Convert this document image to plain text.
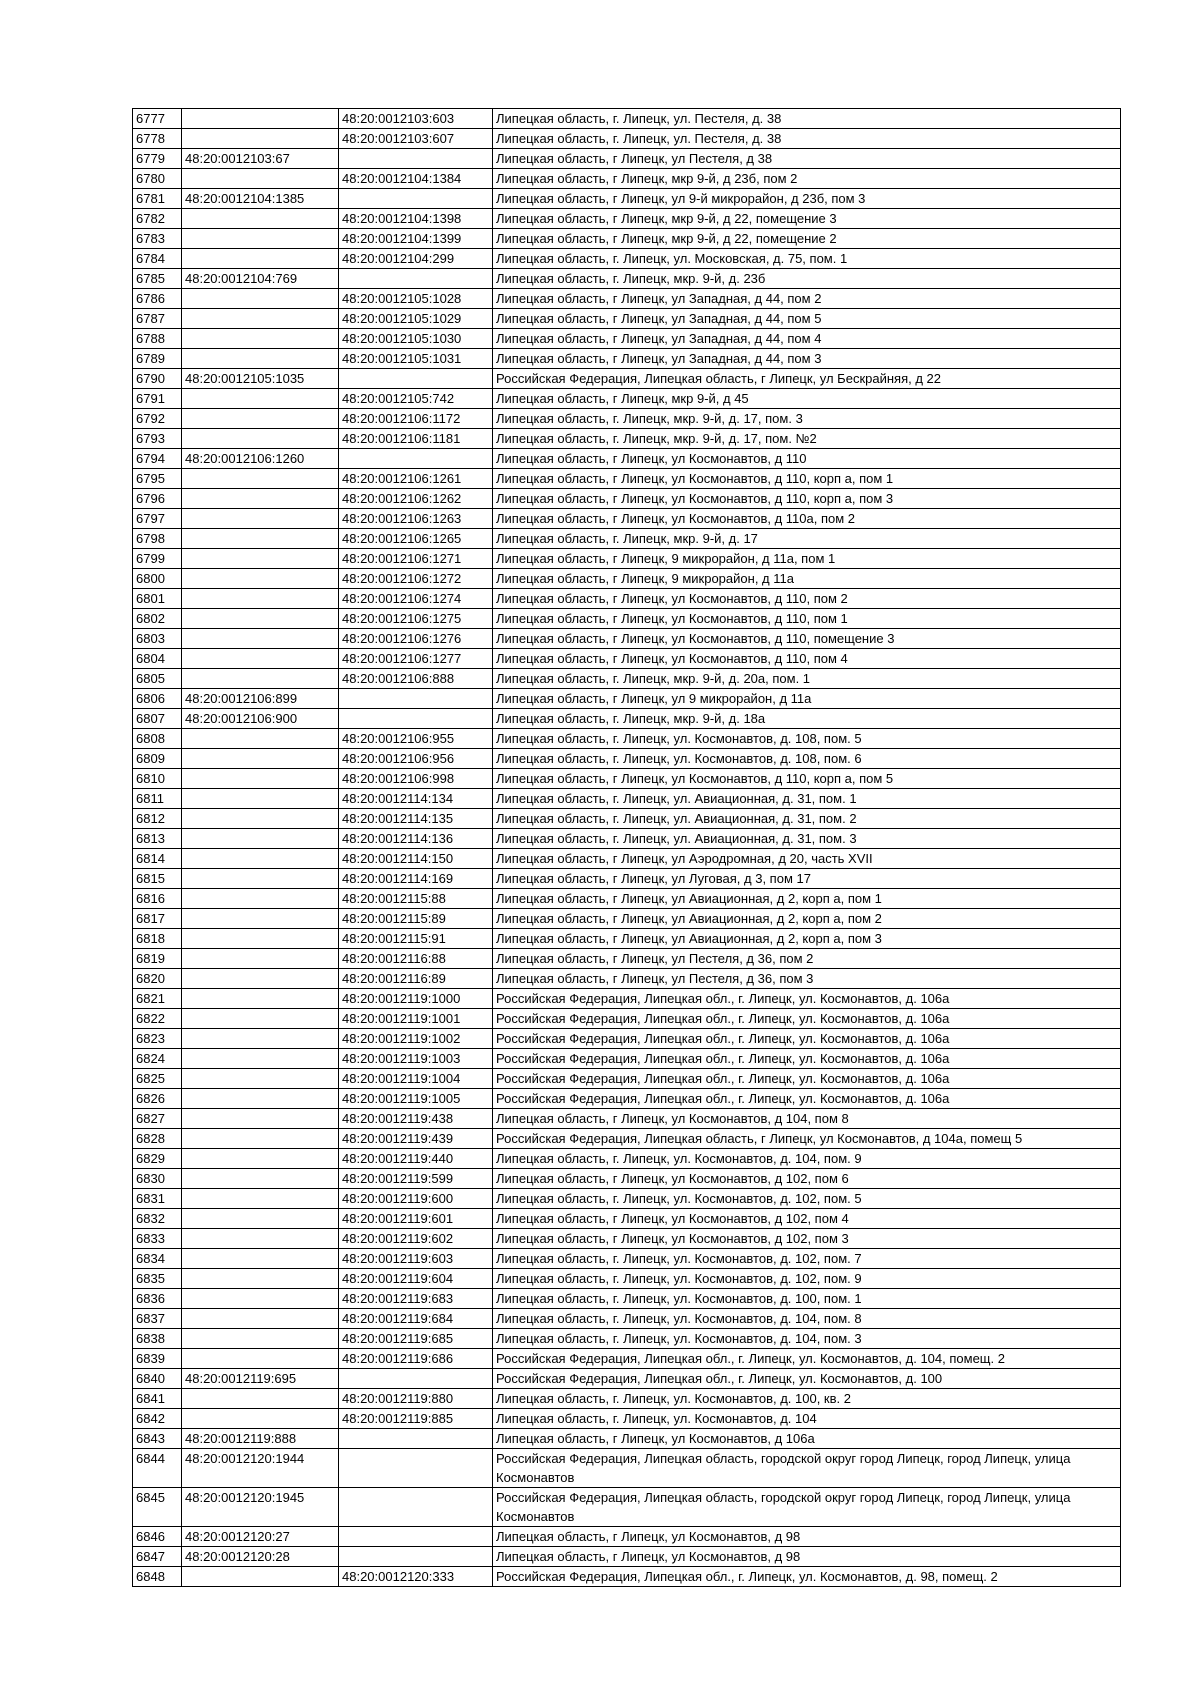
6777		48:20:0012103:603	Липецкая область, г. Липецк, ул. Пестеля, д. 38
6778		48:20:0012103:607	Липецкая область, г. Липецк, ул. Пестеля, д. 38
6779	48:20:0012103:67		Липецкая область, г Липецк, ул Пестеля, д 38
6780		48:20:0012104:1384	Липецкая область, г Липецк, мкр 9-й, д 23б, пом 2
6781	48:20:0012104:1385		Липецкая область, г Липецк, ул 9-й микрорайон, д 23б, пом 3
6782		48:20:0012104:1398	Липецкая область, г Липецк, мкр 9-й, д 22, помещение 3
6783		48:20:0012104:1399	Липецкая область, г Липецк, мкр 9-й, д 22, помещение 2
6784		48:20:0012104:299	Липецкая область, г. Липецк, ул. Московская, д. 75, пом. 1
6785	48:20:0012104:769		Липецкая область, г. Липецк, мкр. 9-й, д. 23б
6786		48:20:0012105:1028	Липецкая область, г Липецк, ул Западная, д 44, пом 2
6787		48:20:0012105:1029	Липецкая область, г Липецк, ул Западная, д 44, пом 5
6788		48:20:0012105:1030	Липецкая область, г Липецк, ул Западная, д 44, пом 4
6789		48:20:0012105:1031	Липецкая область, г Липецк, ул Западная, д 44, пом 3
6790	48:20:0012105:1035		Российская Федерация, Липецкая область, г Липецк, ул Бескрайняя, д 22
6791		48:20:0012105:742	Липецкая область, г Липецк, мкр 9-й, д 45
6792		48:20:0012106:1172	Липецкая область, г. Липецк, мкр. 9-й, д. 17, пом. 3
6793		48:20:0012106:1181	Липецкая область, г. Липецк, мкр. 9-й, д. 17, пом. №2
6794	48:20:0012106:1260		Липецкая область, г Липецк, ул Космонавтов, д 110
6795		48:20:0012106:1261	Липецкая область, г Липецк, ул Космонавтов, д 110, корп а, пом 1
6796		48:20:0012106:1262	Липецкая область, г Липецк, ул Космонавтов, д 110, корп а, пом 3
6797		48:20:0012106:1263	Липецкая область, г Липецк, ул Космонавтов, д 110а, пом 2
6798		48:20:0012106:1265	Липецкая область, г. Липецк, мкр. 9-й, д. 17
6799		48:20:0012106:1271	Липецкая область, г Липецк, 9 микрорайон, д 11а, пом 1
6800		48:20:0012106:1272	Липецкая область, г Липецк, 9 микрорайон, д 11а
6801		48:20:0012106:1274	Липецкая область, г Липецк, ул Космонавтов, д 110, пом 2
6802		48:20:0012106:1275	Липецкая область, г Липецк, ул Космонавтов, д 110, пом 1
6803		48:20:0012106:1276	Липецкая область, г Липецк, ул Космонавтов, д 110, помещение 3
6804		48:20:0012106:1277	Липецкая область, г Липецк, ул Космонавтов, д 110, пом 4
6805		48:20:0012106:888	Липецкая область, г. Липецк, мкр. 9-й, д. 20а, пом. 1
6806	48:20:0012106:899		Липецкая область, г Липецк, ул 9 микрорайон, д 11а
6807	48:20:0012106:900		Липецкая область, г. Липецк, мкр. 9-й, д. 18а
6808		48:20:0012106:955	Липецкая область, г. Липецк, ул. Космонавтов, д. 108, пом. 5
6809		48:20:0012106:956	Липецкая область, г. Липецк, ул. Космонавтов, д. 108, пом. 6
6810		48:20:0012106:998	Липецкая область, г Липецк, ул Космонавтов, д 110, корп а, пом 5
6811		48:20:0012114:134	Липецкая область, г. Липецк, ул. Авиационная, д. 31, пом. 1
6812		48:20:0012114:135	Липецкая область, г. Липецк, ул. Авиационная, д. 31, пом. 2
6813		48:20:0012114:136	Липецкая область, г. Липецк, ул. Авиационная, д. 31, пом. 3
6814		48:20:0012114:150	Липецкая область, г Липецк, ул Аэродромная, д 20, часть XVII
6815		48:20:0012114:169	Липецкая область, г Липецк, ул Луговая, д 3, пом 17
6816		48:20:0012115:88	Липецкая область, г Липецк, ул Авиационная, д 2, корп а, пом 1
6817		48:20:0012115:89	Липецкая область, г Липецк, ул Авиационная, д 2, корп а, пом 2
6818		48:20:0012115:91	Липецкая область, г Липецк, ул Авиационная, д 2, корп а, пом 3
6819		48:20:0012116:88	Липецкая область, г Липецк, ул Пестеля, д 36, пом 2
6820		48:20:0012116:89	Липецкая область, г Липецк, ул Пестеля, д 36, пом 3
6821		48:20:0012119:1000	Российская Федерация, Липецкая обл., г. Липецк, ул. Космонавтов, д. 106а
6822		48:20:0012119:1001	Российская Федерация, Липецкая обл., г. Липецк, ул. Космонавтов, д. 106а
6823		48:20:0012119:1002	Российская Федерация, Липецкая обл., г. Липецк, ул. Космонавтов, д. 106а
6824		48:20:0012119:1003	Российская Федерация, Липецкая обл., г. Липецк, ул. Космонавтов, д. 106а
6825		48:20:0012119:1004	Российская Федерация, Липецкая обл., г. Липецк, ул. Космонавтов, д. 106а
6826		48:20:0012119:1005	Российская Федерация, Липецкая обл., г. Липецк, ул. Космонавтов, д. 106а
6827		48:20:0012119:438	Липецкая область, г Липецк, ул Космонавтов, д 104, пом 8
6828		48:20:0012119:439	Российская Федерация, Липецкая область, г Липецк, ул Космонавтов, д 104а, помещ 5
6829		48:20:0012119:440	Липецкая область, г. Липецк, ул. Космонавтов, д. 104, пом. 9
6830		48:20:0012119:599	Липецкая область, г Липецк, ул Космонавтов, д 102, пом 6
6831		48:20:0012119:600	Липецкая область, г. Липецк, ул. Космонавтов, д. 102, пом. 5
6832		48:20:0012119:601	Липецкая область, г Липецк, ул Космонавтов, д 102, пом 4
6833		48:20:0012119:602	Липецкая область, г Липецк, ул Космонавтов, д 102, пом 3
6834		48:20:0012119:603	Липецкая область, г. Липецк, ул. Космонавтов, д. 102, пом. 7
6835		48:20:0012119:604	Липецкая область, г. Липецк, ул. Космонавтов, д. 102, пом. 9
6836		48:20:0012119:683	Липецкая область, г. Липецк, ул. Космонавтов, д. 100, пом. 1
6837		48:20:0012119:684	Липецкая область, г. Липецк, ул. Космонавтов, д. 104, пом. 8
6838		48:20:0012119:685	Липецкая область, г. Липецк, ул. Космонавтов, д. 104, пом. 3
6839		48:20:0012119:686	Российская Федерация, Липецкая обл., г. Липецк, ул. Космонавтов, д. 104, помещ. 2
6840	48:20:0012119:695		Российская Федерация, Липецкая обл., г. Липецк, ул. Космонавтов, д. 100
6841		48:20:0012119:880	Липецкая область, г. Липецк, ул. Космонавтов, д. 100, кв. 2
6842		48:20:0012119:885	Липецкая область, г. Липецк, ул. Космонавтов, д. 104
6843	48:20:0012119:888		Липецкая область, г Липецк, ул Космонавтов, д 106а
6844	48:20:0012120:1944		Российская Федерация, Липецкая область, городской округ город Липецк, город Липецк, улица Космонавтов
6845	48:20:0012120:1945		Российская Федерация, Липецкая область, городской округ город Липецк, город Липецк, улица Космонавтов
6846	48:20:0012120:27		Липецкая область, г Липецк, ул Космонавтов, д 98
6847	48:20:0012120:28		Липецкая область, г Липецк, ул Космонавтов, д 98
6848		48:20:0012120:333	Российская Федерация, Липецкая обл., г. Липецк, ул. Космонавтов, д. 98, помещ. 2
